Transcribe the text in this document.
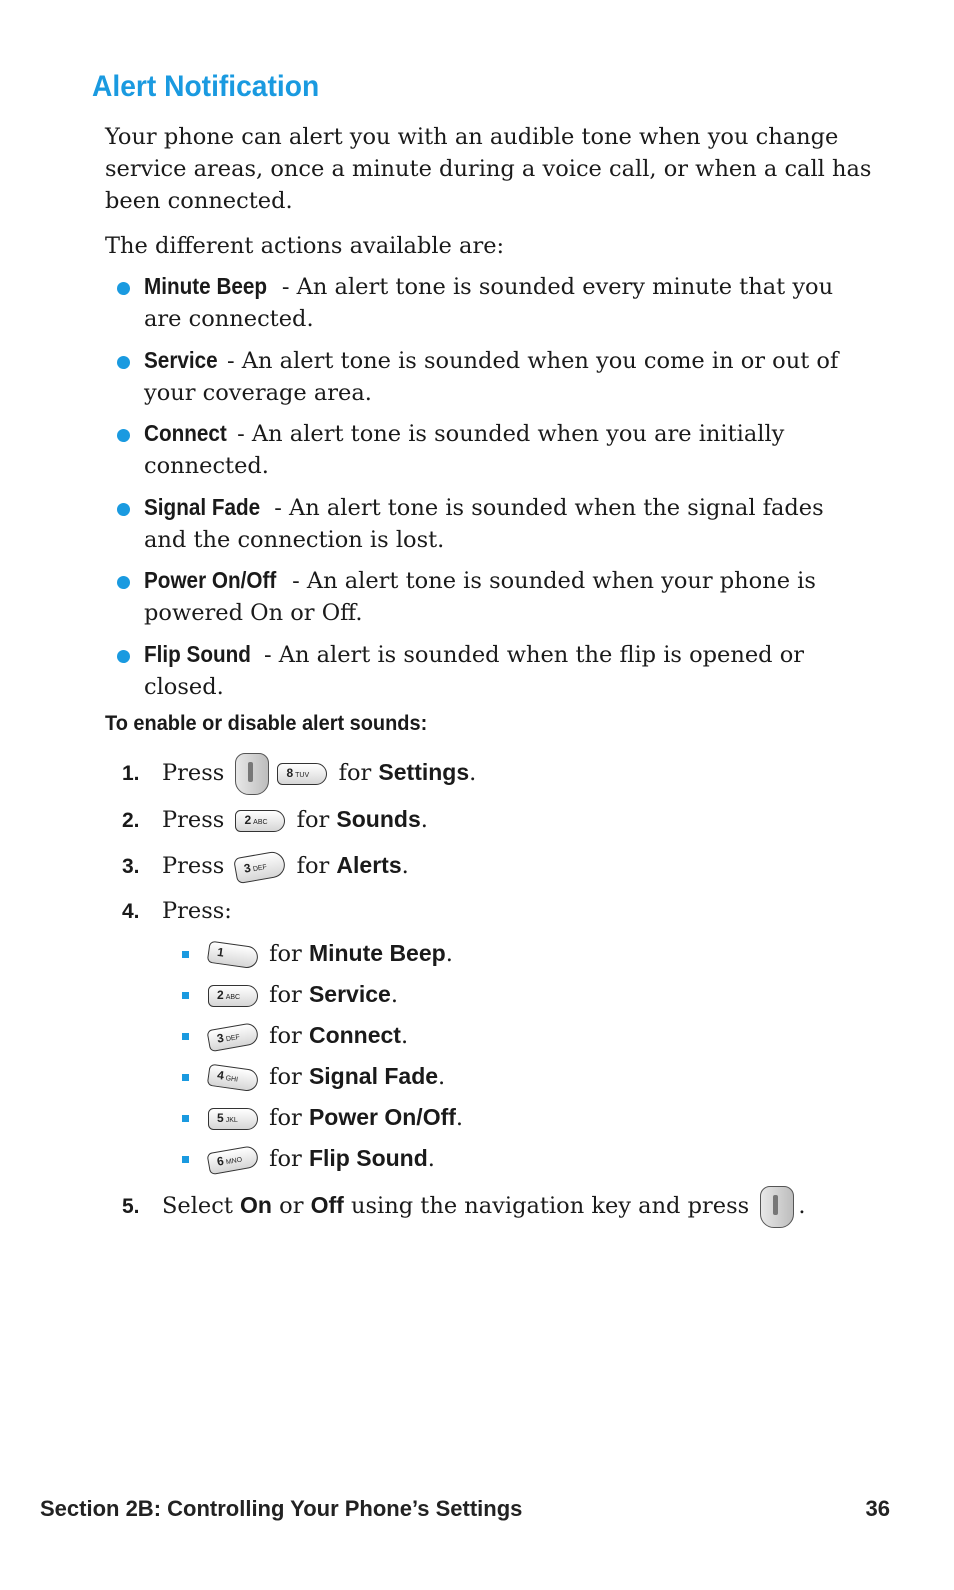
Alert Notification

Your phone can alert you with an audible tone when you change service areas, once a minute during a voice call, or when a call has been connected.

The different actions available are:

Minute Beep - An alert tone is sounded every minute that you are connected.
Service - An alert tone is sounded when you come in or out of your coverage area.
Connect - An alert tone is sounded when you are initially connected.
Signal Fade - An alert tone is sounded when the signal fades and the connection is lost.
Power On/Off - An alert tone is sounded when your phone is powered On or Off.
Flip Sound - An alert is sounded when the flip is opened or closed.
To enable or disable alert sounds:
1. Press	8 TUV for Settings.
2. Press 2 ABC for Sounds.
3. Press 3DEF for Alerts.
4. Press:
1 for Minute Beep.
2 ABC for Service.
3DEF for Connect.
4GHI for Signal Fade.
5 JKL for Power On/Off.
6MNO for Flip Sound.
5. Select On or Off using the navigation key and press .
Section 2B: Controlling Your Phone’s Settings	36
